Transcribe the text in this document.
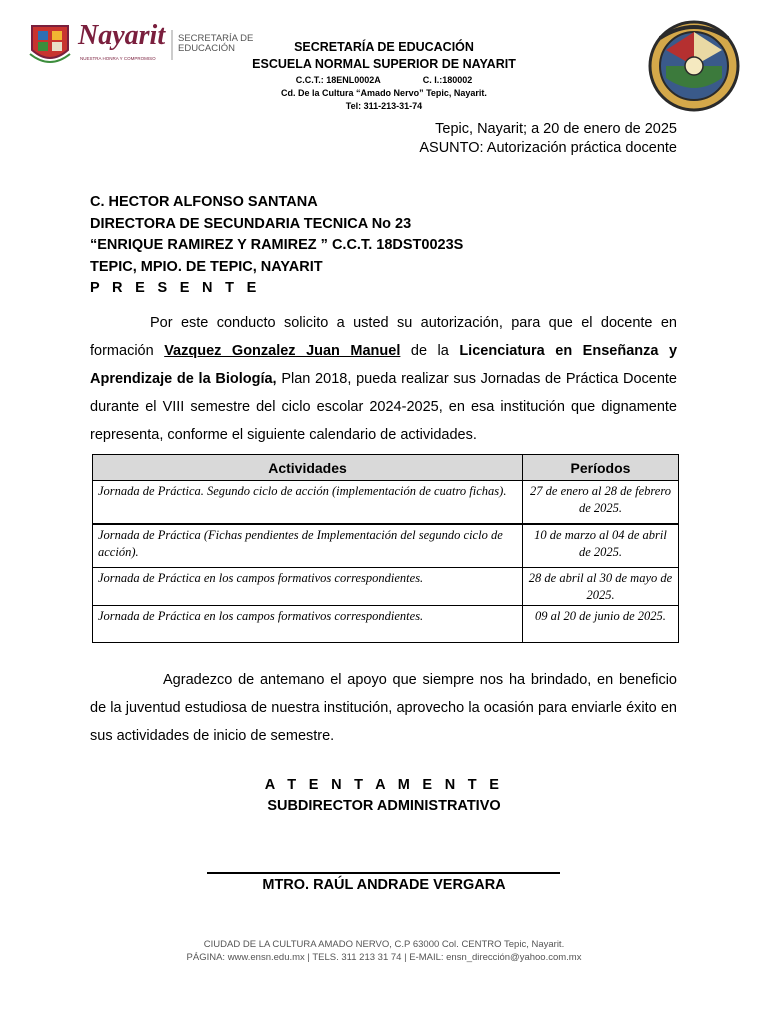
Nayarit
NUESTRA HONRA Y COMPROMISO
SECRETARÍA DE
EDUCACIÓN	SECRETARÍA DE EDUCACIÓN
ESCUELA NORMAL SUPERIOR DE NAYARIT
C.C.T.: 18ENL0002A	C. I.:180002
Cd. De la Cultura “Amado Nervo” Tepic, Nayarit.
Tel: 311-213-31-74
Tepic, Nayarit; a 20 de enero de 2025
ASUNTO: Autorización práctica docente
C. HECTOR ALFONSO SANTANA
DIRECTORA DE SECUNDARIA TECNICA No 23
“ENRIQUE RAMIREZ Y RAMIREZ ” C.C.T. 18DST0023S
TEPIC, MPIO. DE TEPIC, NAYARIT
P R E S E N T E
Por este conducto solicito a usted su autorización, para que el docente en formación Vazquez Gonzalez Juan Manuel de la Licenciatura en Enseñanza y Aprendizaje de la Biología, Plan 2018, pueda realizar sus Jornadas de Práctica Docente durante el VIII semestre del ciclo escolar 2024-2025, en esa institución que dignamente representa, conforme el siguiente calendario de actividades.
Actividades	Períodos
Jornada de Práctica. Segundo ciclo de acción (implementación de cuatro fichas).	27 de enero al 28 de febrero de 2025.
Jornada de Práctica (Fichas pendientes de Implementación del segundo ciclo de acción).	10 de marzo al 04 de abril de 2025.
Jornada de Práctica en los campos formativos correspondientes.	28 de abril al 30 de mayo de 2025.
Jornada de Práctica en los campos formativos correspondientes.	09 al 20 de junio de 2025.
Agradezco de antemano el apoyo que siempre nos ha brindado, en beneficio de la juventud estudiosa de nuestra institución, aprovecho la ocasión para enviarle éxito en sus actividades de inicio de semestre.
A T E N T A M E N T E
SUBDIRECTOR ADMINISTRATIVO
MTRO. RAÚL ANDRADE VERGARA
CIUDAD DE LA CULTURA AMADO NERVO, C.P 63000 Col. CENTRO Tepic, Nayarit.
PÁGINA: www.ensn.edu.mx | TELS. 311 213 31 74 | E-MAIL: ensn_dirección@yahoo.com.mx
